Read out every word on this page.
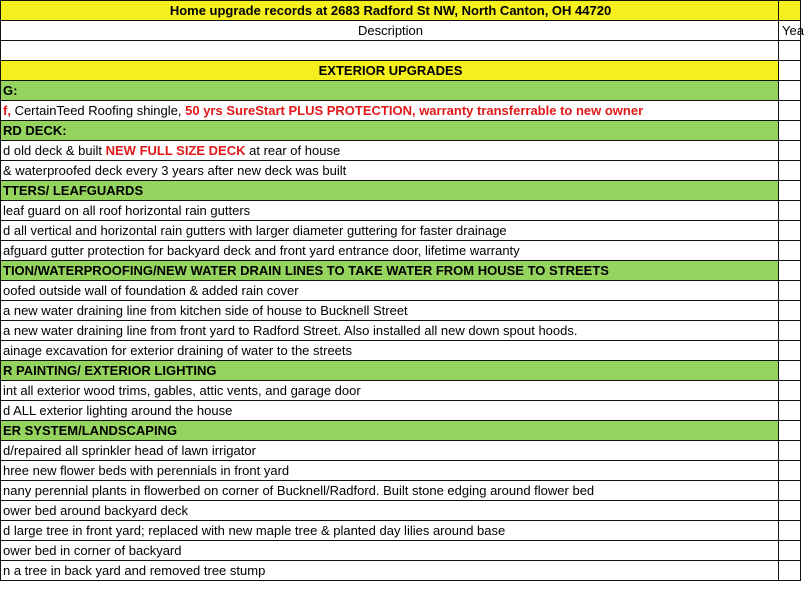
Home upgrade records at 2683 Radford St NW, North Canton, OH 44720	
Description	Yea

EXTERIOR UPGRADES	
G:	
f, CertainTeed Roofing shingle, 50 yrs SureStart PLUS PROTECTION, warranty transferrable to new owner	
RD DECK:	
d old deck & built NEW FULL SIZE DECK at rear of house	
& waterproofed deck every 3 years after new deck was built	
TTERS/ LEAFGUARDS	
leaf guard on all roof horizontal rain gutters	
d all vertical and horizontal rain gutters with larger diameter guttering for faster drainage	
afguard gutter protection for backyard deck and front yard entrance door, lifetime warranty	
TION/WATERPROOFING/NEW WATER DRAIN LINES TO TAKE WATER FROM HOUSE TO STREETS	
oofed outside wall of foundation & added rain cover	
a new water draining line from kitchen side of house to Bucknell Street	
a new water draining line from front yard to Radford Street. Also installed all new down spout hoods.	
ainage excavation for exterior draining of water to the streets	
R PAINTING/ EXTERIOR LIGHTING	
int all exterior wood trims, gables, attic vents, and garage door	
d ALL exterior lighting around the house	
ER SYSTEM/LANDSCAPING	
d/repaired all sprinkler head of lawn irrigator	
hree new flower beds with perennials in front yard	
nany perennial plants in flowerbed on corner of Bucknell/Radford. Built stone edging around flower bed	
ower bed around backyard deck	
d large tree in front yard; replaced with new maple tree & planted day lilies around base	
ower bed in corner of backyard	
n a tree in back yard and removed tree stump	
